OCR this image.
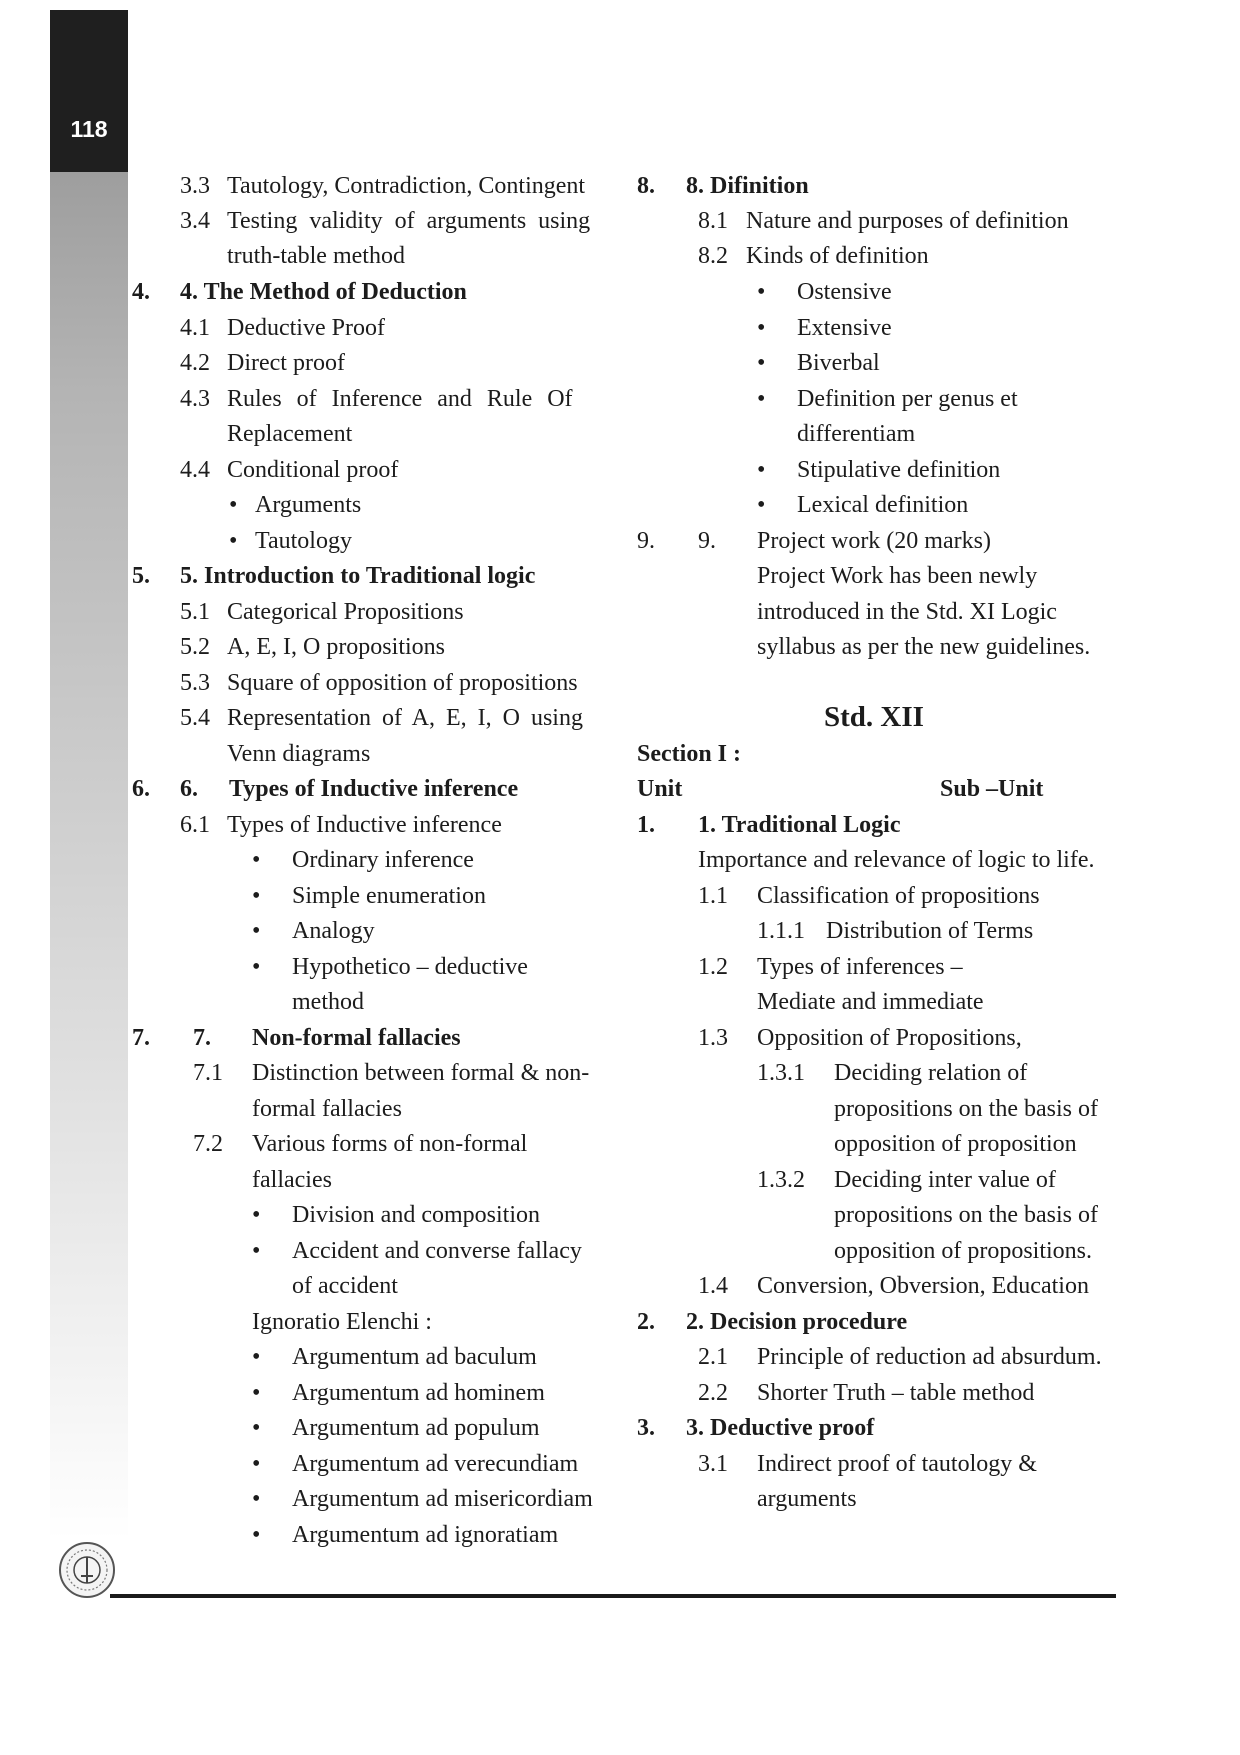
118
3.3 Tautology, Contradiction, Contingent
3.4 Testing validity of arguments using
truth-table method
4. 4. The Method of Deduction
4.1 Deductive Proof
4.2 Direct proof
4.3 Rules of Inference and Rule Of
Replacement
4.4 Conditional proof
• Arguments
• Tautology
5. 5. Introduction to Traditional logic
5.1 Categorical Propositions
5.2 A, E, I, O propositions
5.3 Square of opposition of propositions
5.4 Representation of A, E, I, O using
Venn diagrams
6. 6. Types of Inductive inference
6.1 Types of Inductive inference
• Ordinary inference
• Simple enumeration
• Analogy
• Hypothetico – deductive
method
7. 7. Non-formal fallacies
7.1 Distinction between formal & non-
formal fallacies
7.2 Various forms of non-formal
fallacies
• Division and composition
• Accident and converse fallacy
of accident
Ignoratio Elenchi :
• Argumentum ad baculum
• Argumentum ad hominem
• Argumentum ad populum
• Argumentum ad verecundiam
• Argumentum ad misericordiam
• Argumentum ad ignoratiam
8. 8. Difinition
8.1 Nature and purposes of definition
8.2 Kinds of definition
• Ostensive
• Extensive
• Biverbal
• Definition per genus et
differentiam
• Stipulative definition
• Lexical definition
9. 9. Project work (20 marks)
Project Work has been newly
introduced in the Std. XI Logic
syllabus as per the new guidelines.
Std. XII
Section I :
Unit	Sub –Unit
1. 1. Traditional Logic
Importance and relevance of logic to life.
1.1 Classification of propositions
1.1.1 Distribution of Terms
1.2 Types of inferences –
Mediate and immediate
1.3 Opposition of Propositions,
1.3.1 Deciding relation of
propositions on the basis of
opposition of proposition
1.3.2 Deciding inter value of
propositions on the basis of
opposition of propositions.
1.4 Conversion, Obversion, Education
2. 2. Decision procedure
2.1 Principle of reduction ad absurdum.
2.2 Shorter Truth – table method
3. 3. Deductive proof
3.1 Indirect proof of tautology &
arguments
